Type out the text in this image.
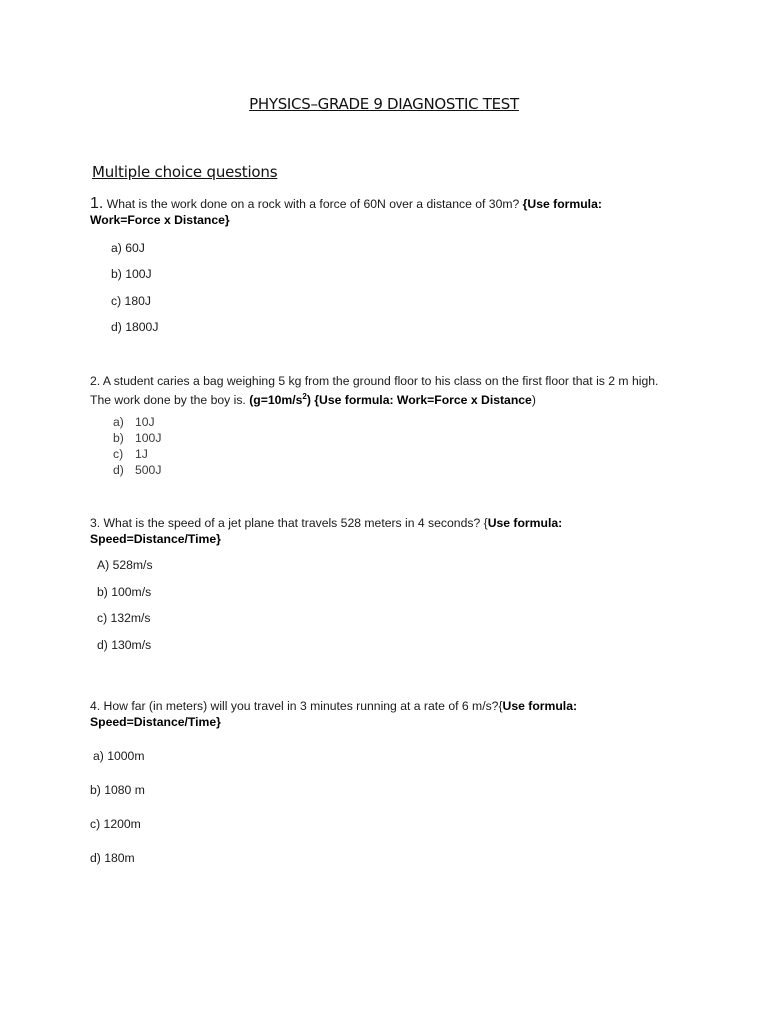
PHYSICS–GRADE 9 DIAGNOSTIC TEST
Multiple choice questions
1. What is the work done on a rock with a force of 60N over a distance of 30m? {Use formula:
Work=Force x Distance}
a) 60J
b) 100J
c) 180J
d) 1800J
2. A student caries a bag weighing 5 kg from the ground floor to his class on the first floor that is 2 m high.
The work done by the boy is. $(g=10m/s^2)$ {Use formula: Work=Force x Distance)
a) 10J
b) 100J
c) 1J
d) 500J
3. What is the speed of a jet plane that travels 528 meters in 4 seconds? {Use formula:
Speed=Distance/Time}
A) 528m/s
b) 100m/s
c) 132m/s
d) 130m/s
4. How far (in meters) will you travel in 3 minutes running at a rate of 6 m/s?{Use formula:
Speed=Distance/Time}
a) 1000m
b) 1080 m
c) 1200m
d) 180m
